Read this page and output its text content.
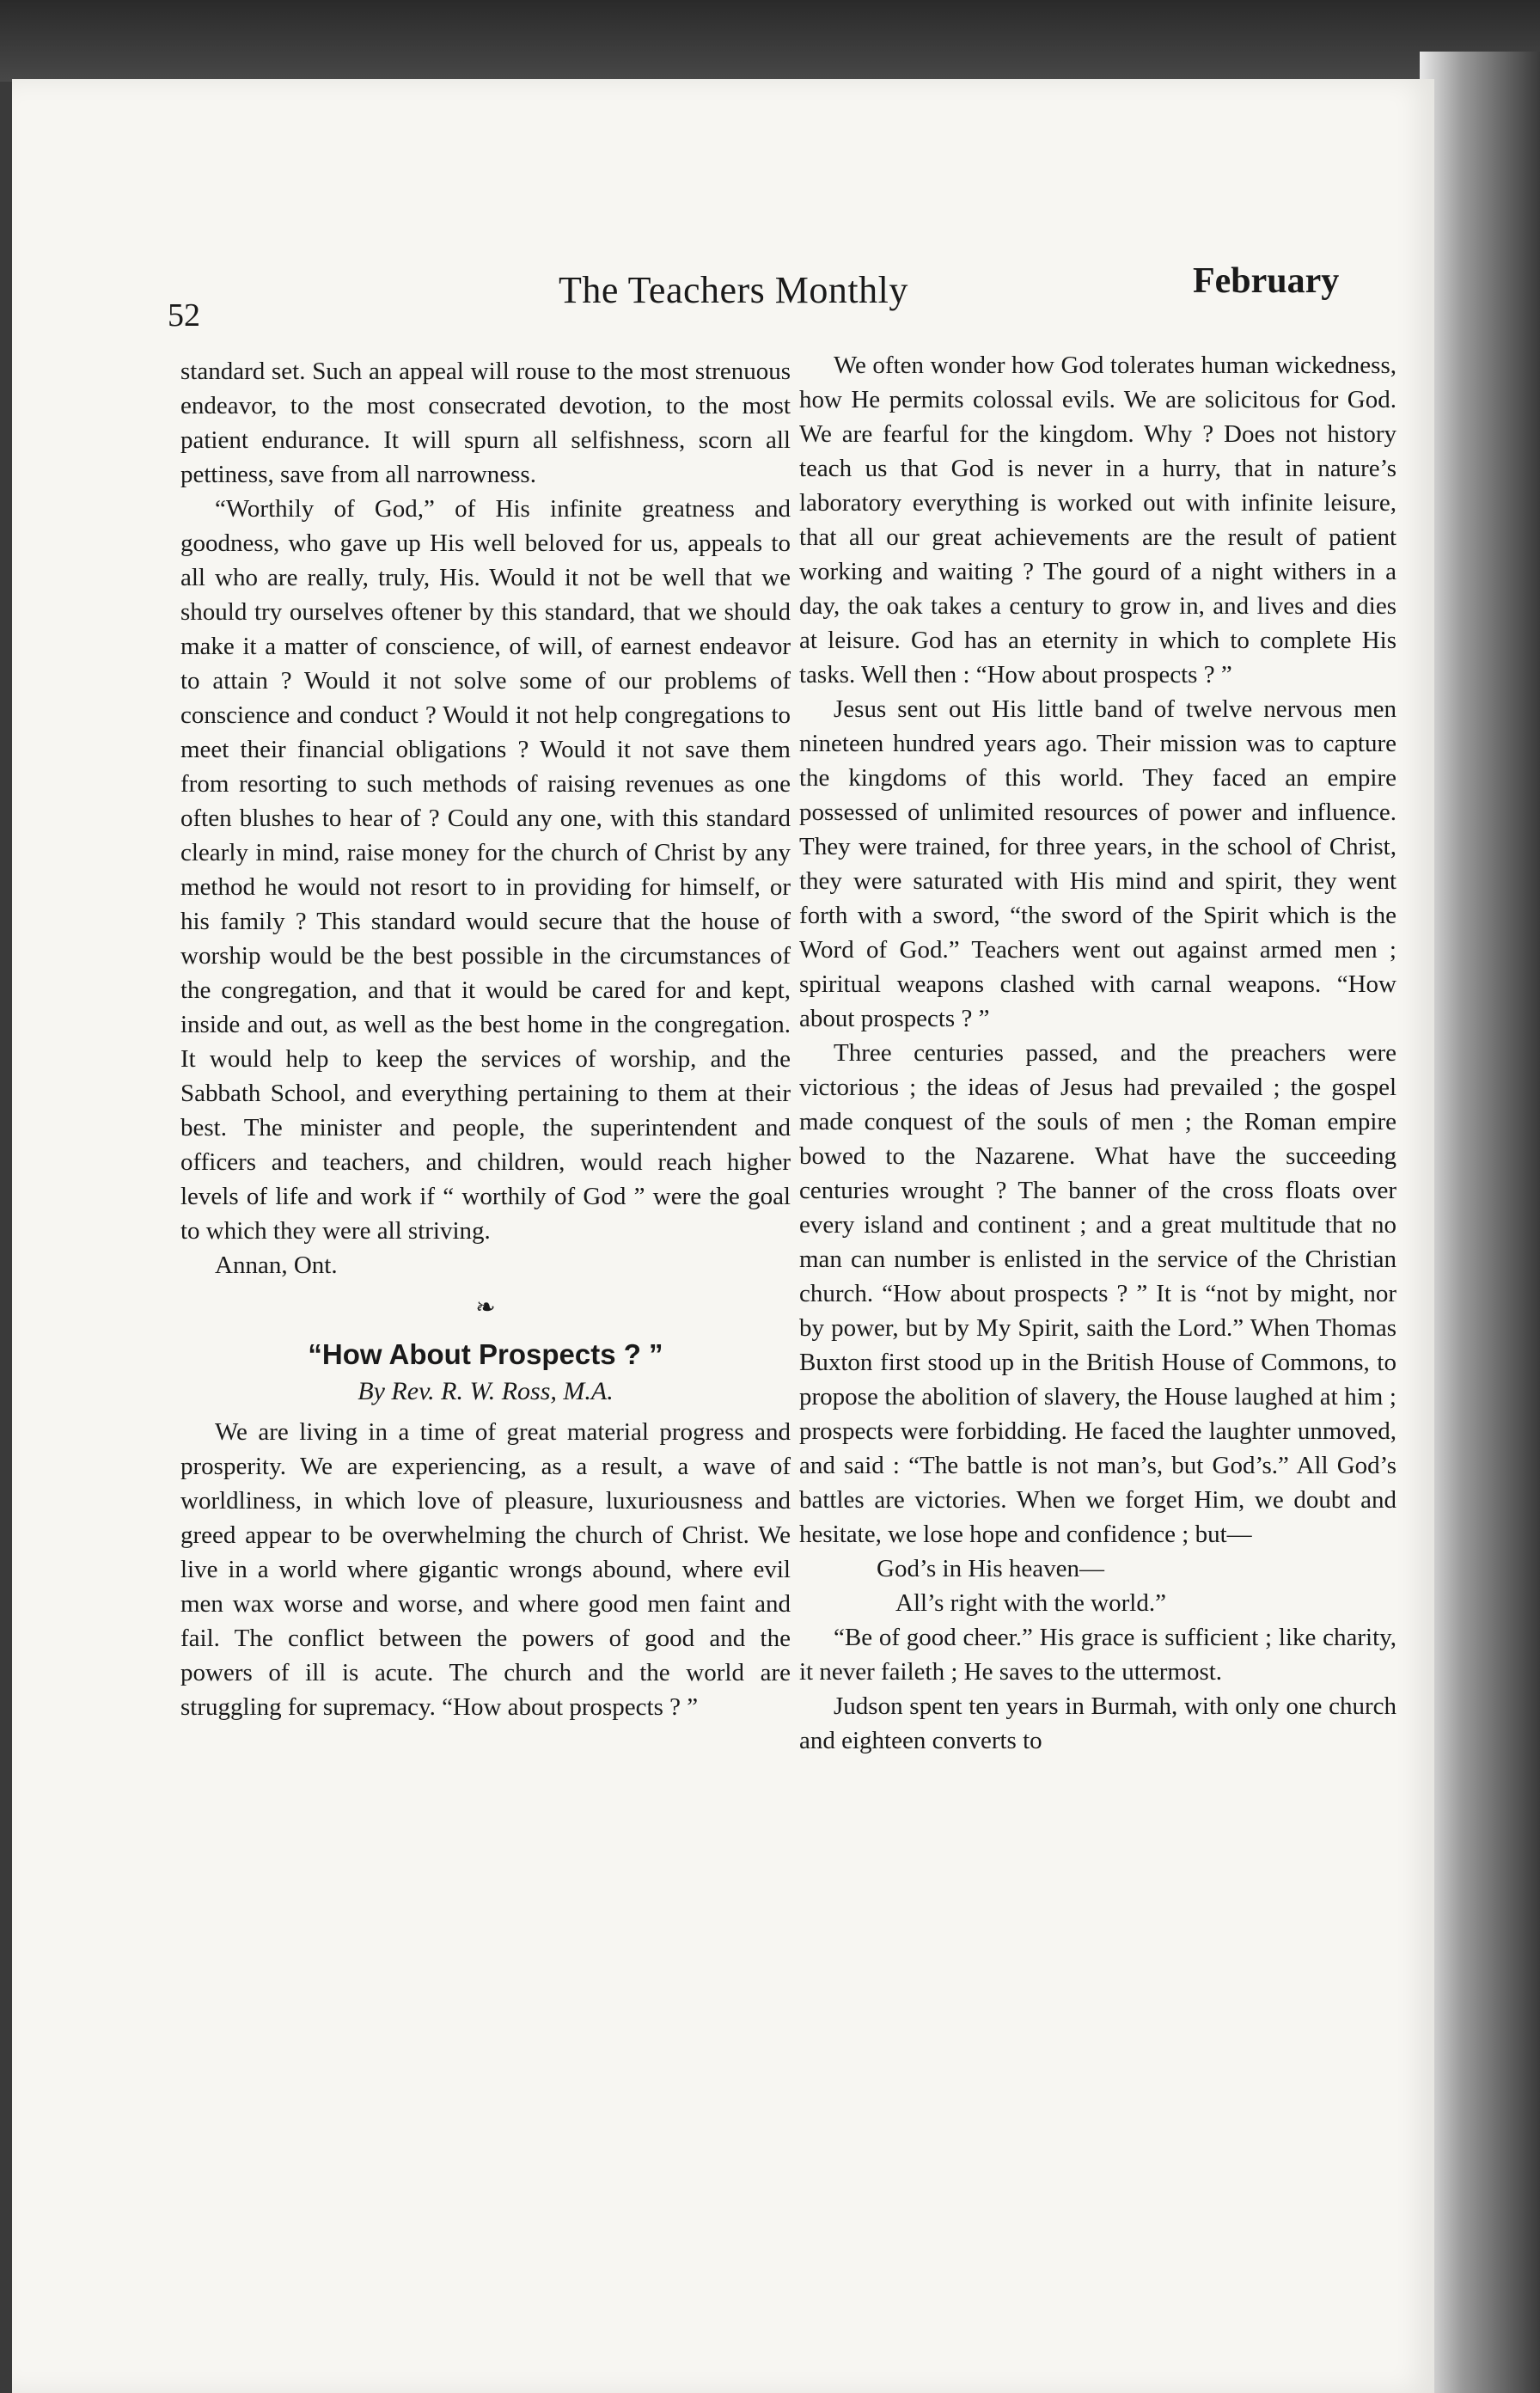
52
The Teachers Monthly	February

standard set. Such an appeal will rouse to the most strenuous endeavor, to the most consecrated devotion, to the most patient endurance. It will spurn all selfishness, scorn all pettiness, save from all narrowness.

“Worthily of God,” of His infinite greatness and goodness, who gave up His well beloved for us, appeals to all who are really, truly, His. Would it not be well that we should try ourselves oftener by this standard, that we should make it a matter of conscience, of will, of earnest endeavor to attain ? Would it not solve some of our problems of conscience and conduct ? Would it not help congregations to meet their financial obligations ? Would it not save them from resorting to such methods of raising revenues as one often blushes to hear of ? Could any one, with this standard clearly in mind, raise money for the church of Christ by any method he would not resort to in providing for himself, or his family ? This standard would secure that the house of worship would be the best possible in the circumstances of the congregation, and that it would be cared for and kept, inside and out, as well as the best home in the congregation. It would help to keep the services of worship, and the Sabbath School, and everything pertaining to them at their best. The minister and people, the superintendent and officers and teachers, and children, would reach higher levels of life and work if “ worthily of God ” were the goal to which they were all striving.

Annan, Ont.

❧
“How About Prospects ? ”
By Rev. R. W. Ross, M.A.

We are living in a time of great material progress and prosperity. We are experiencing, as a result, a wave of worldliness, in which love of pleasure, luxuriousness and greed appear to be overwhelming the church of Christ. We live in a world where gigantic wrongs abound, where evil men wax worse and worse, and where good men faint and fail. The conflict between the powers of good and the powers of ill is acute. The church and the world are struggling for supremacy. “How about prospects ? ”

We often wonder how God tolerates human wickedness, how He permits colossal evils. We are solicitous for God. We are fearful for the kingdom. Why ? Does not history teach us that God is never in a hurry, that in nature’s laboratory everything is worked out with infinite leisure, that all our great achievements are the result of patient working and waiting ? The gourd of a night withers in a day, the oak takes a century to grow in, and lives and dies at leisure. God has an eternity in which to complete His tasks. Well then : “How about prospects ? ”

Jesus sent out His little band of twelve nervous men nineteen hundred years ago. Their mission was to capture the kingdoms of this world. They faced an empire possessed of unlimited resources of power and influence. They were trained, for three years, in the school of Christ, they were saturated with His mind and spirit, they went forth with a sword, “the sword of the Spirit which is the Word of God.” Teachers went out against armed men ; spiritual weapons clashed with carnal weapons. “How about prospects ? ”

Three centuries passed, and the preachers were victorious ; the ideas of Jesus had prevailed ; the gospel made conquest of the souls of men ; the Roman empire bowed to the Nazarene. What have the succeeding centuries wrought ? The banner of the cross floats over every island and continent ; and a great multitude that no man can number is enlisted in the service of the Christian church. “How about prospects ? ” It is “not by might, nor by power, but by My Spirit, saith the Lord.” When Thomas Buxton first stood up in the British House of Commons, to propose the abolition of slavery, the House laughed at him ; prospects were forbidding. He faced the laughter unmoved, and said : “The battle is not man’s, but God’s.” All God’s battles are victories. When we forget Him, we doubt and hesitate, we lose hope and confidence ; but—

God’s in His heaven—

All’s right with the world.”

“Be of good cheer.” His grace is sufficient ; like charity, it never faileth ; He saves to the uttermost.

Judson spent ten years in Burmah, with only one church and eighteen converts to
